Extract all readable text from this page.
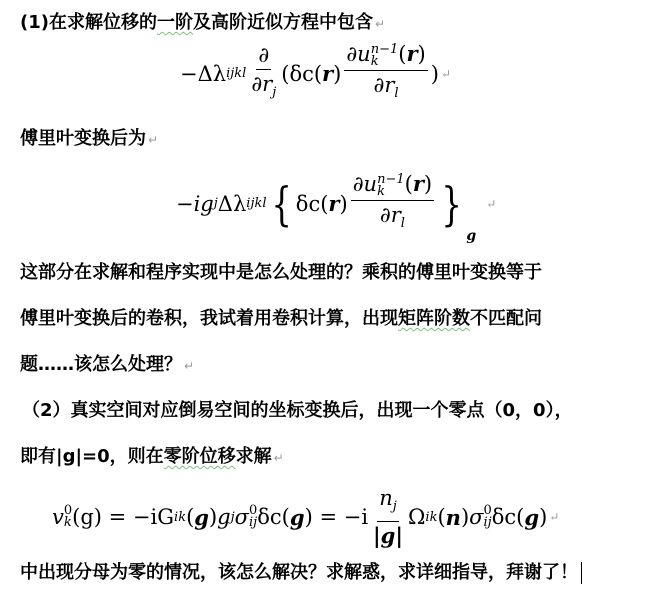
(1)在求解位移的一阶及高阶近似方程中包含 ↵

−Δλ ijkl $\frac{\partial}{\partial r_j} (\delta c$( r ) ∂u n−1
k (r)
$\partial r_l$ ) ↵

傅里叶变换后为 ↵

−ig j Δλ ijkl { δc( r ) ∂u n−1
k (r)
$\partial r_l$ }
g
↵

这部分在求解和程序实现中是怎么处理的？乘积的傅里叶变换等于

傅里叶变换后的卷积，我试着用卷积计算，出现矩阵阶数不匹配问

题……该怎么处理？ ↵

（2）真实空间对应倒易空间的坐标变换后，出现一个零点（0，0），

即有|g|=0，则在零阶位移求解 ↵

v 0
k (g) = −iG ik ( g ) g j σ 0
ij δc( g ) = $-i \frac{n_j}{|g|}$ Ω ik ( n ) σ 0
ij δc( g ) ↵

中出现分母为零的情况，该怎么解决？求解惑，求详细指导，拜谢了！
